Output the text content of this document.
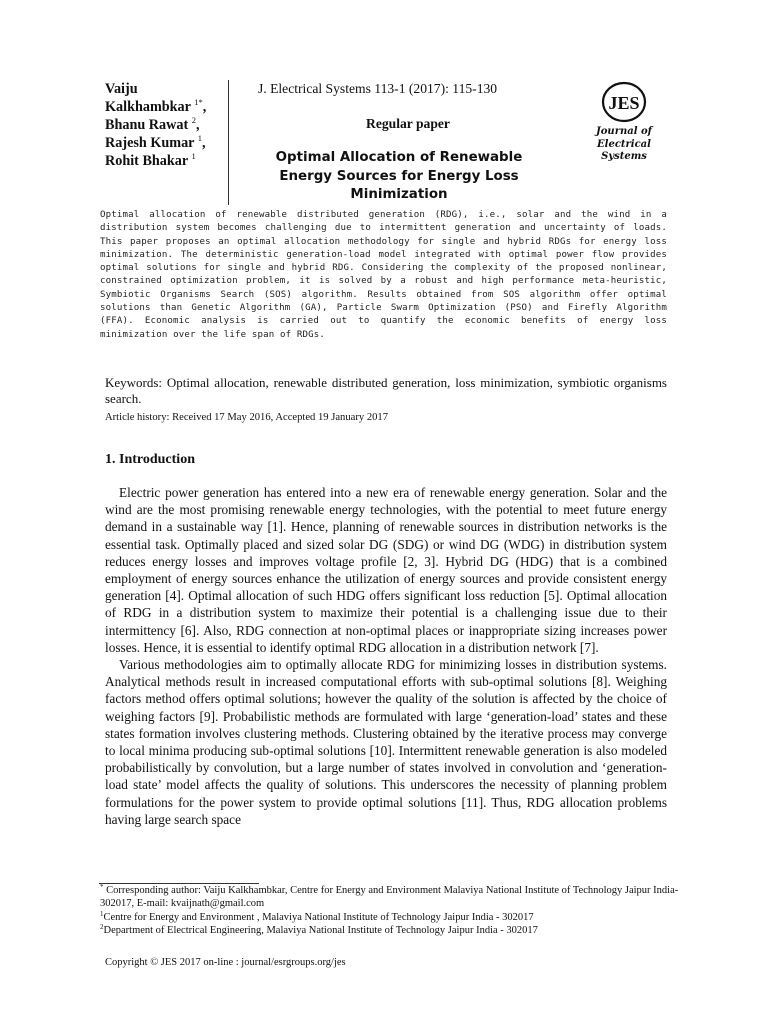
Vaiju
Kalkhambkar $^{1*}$,
Bhanu Rawat $^2$,
Rajesh Kumar $^1$,
Rohit Bhakar $^1$
J. Electrical Systems 113-1 (2017): 115-130
Regular paper
Optimal Allocation of Renewable Energy Sources for Energy Loss Minimization
JES
Journal of
Electrical
Systems
Optimal allocation of renewable distributed generation (RDG), i.e., solar and the wind in a distribution system becomes challenging due to intermittent generation and uncertainty of loads. This paper proposes an optimal allocation methodology for single and hybrid RDGs for energy loss minimization. The deterministic generation-load model integrated with optimal power flow provides optimal solutions for single and hybrid RDG. Considering the complexity of the proposed nonlinear, constrained optimization problem, it is solved by a robust and high performance meta-heuristic, Symbiotic Organisms Search (SOS) algorithm. Results obtained from SOS algorithm offer optimal solutions than Genetic Algorithm (GA), Particle Swarm Optimization (PSO) and Firefly Algorithm (FFA). Economic analysis is carried out to quantify the economic benefits of energy loss minimization over the life span of RDGs.
Keywords: Optimal allocation, renewable distributed generation, loss minimization, symbiotic organisms search.
Article history: Received 17 May 2016, Accepted 19 January 2017
1. Introduction

Electric power generation has entered into a new era of renewable energy generation. Solar and the wind are the most promising renewable energy technologies, with the potential to meet future energy demand in a sustainable way [1]. Hence, planning of renewable sources in distribution networks is the essential task. Optimally placed and sized solar DG (SDG) or wind DG (WDG) in distribution system reduces energy losses and improves voltage profile [2, 3]. Hybrid DG (HDG) that is a combined employment of energy sources enhance the utilization of energy sources and provide consistent energy generation [4]. Optimal allocation of such HDG offers significant loss reduction [5]. Optimal allocation of RDG in a distribution system to maximize their potential is a challenging issue due to their intermittency [6]. Also, RDG connection at non-optimal places or inappropriate sizing increases power losses. Hence, it is essential to identify optimal RDG allocation in a distribution network [7].

Various methodologies aim to optimally allocate RDG for minimizing losses in distribution systems. Analytical methods result in increased computational efforts with sub-optimal solutions [8]. Weighing factors method offers optimal solutions; however the quality of the solution is affected by the choice of weighing factors [9]. Probabilistic methods are formulated with large ‘generation-load’ states and these states formation involves clustering methods. Clustering obtained by the iterative process may converge to local minima producing sub-optimal solutions [10]. Intermittent renewable generation is also modeled probabilistically by convolution, but a large number of states involved in convolution and ‘generation-load state’ model affects the quality of solutions. This underscores the necessity of planning problem formulations for the power system to provide optimal solutions [11]. Thus, RDG allocation problems having large search space

* Corresponding author: Vaiju Kalkhambkar, Centre for Energy and Environment Malaviya National Institute of Technology Jaipur India-302017, E-mail: kvaijnath@gmail.com

$^1$Centre for Energy and Environment , Malaviya National Institute of Technology Jaipur India - 302017

$^2$Department of Electrical Engineering, Malaviya National Institute of Technology Jaipur India - 302017

Copyright © JES 2017 on-line : journal/esrgroups.org/jes
